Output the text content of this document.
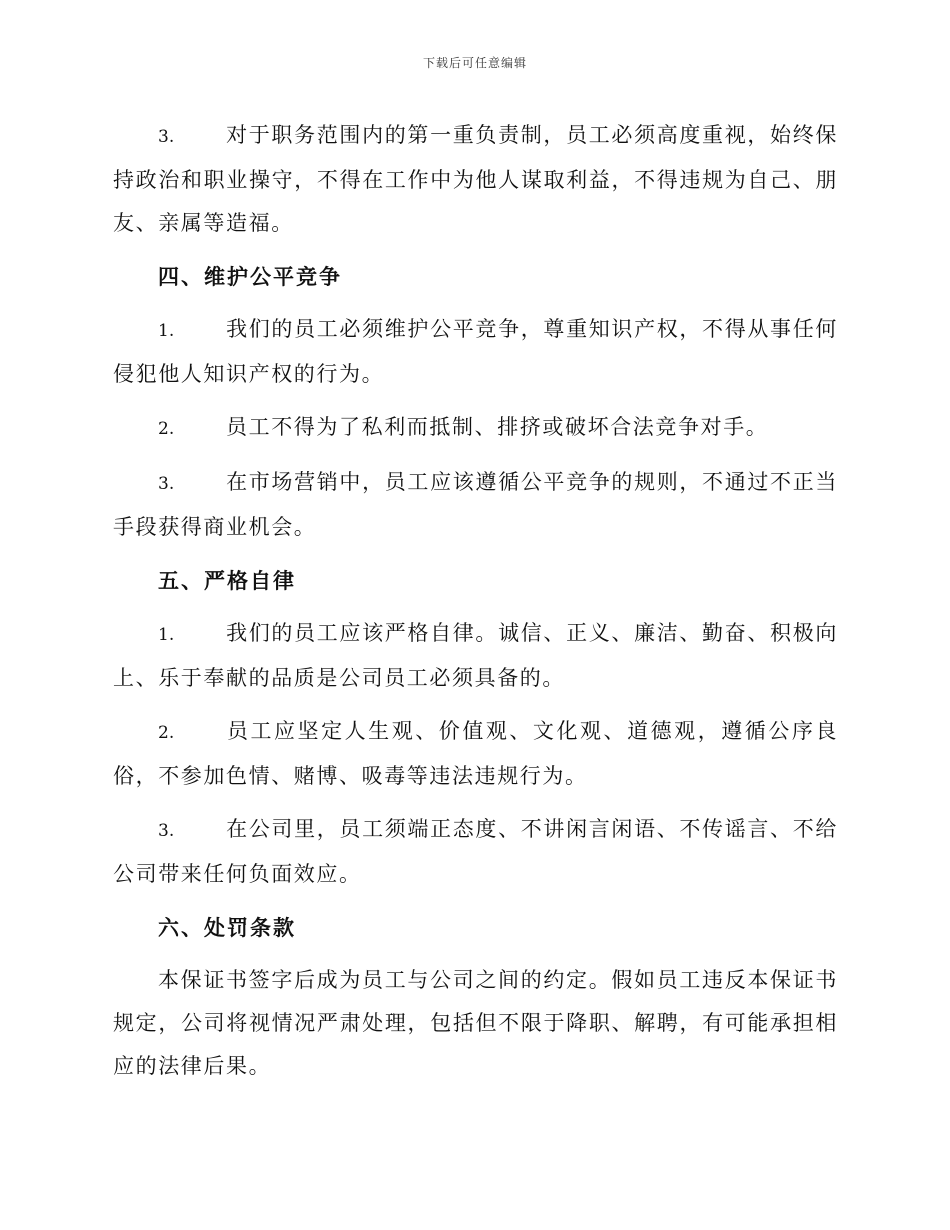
下载后可任意编辑

3. 对于职务范围内的第一重负责制，员工必须高度重视，始终保持政治和职业操守，不得在工作中为他人谋取利益，不得违规为自己、朋友、亲属等造福。

四、维护公平竞争

1. 我们的员工必须维护公平竞争，尊重知识产权，不得从事任何侵犯他人知识产权的行为。

2. 员工不得为了私利而抵制、排挤或破坏合法竞争对手。

3. 在市场营销中，员工应该遵循公平竞争的规则，不通过不正当手段获得商业机会。

五、严格自律

1. 我们的员工应该严格自律。诚信、正义、廉洁、勤奋、积极向上、乐于奉献的品质是公司员工必须具备的。

2. 员工应坚定人生观、价值观、文化观、道德观，遵循公序良俗，不参加色情、赌博、吸毒等违法违规行为。

3. 在公司里，员工须端正态度、不讲闲言闲语、不传谣言、不给公司带来任何负面效应。

六、处罚条款

本保证书签字后成为员工与公司之间的约定。假如员工违反本保证书规定，公司将视情况严肃处理，包括但不限于降职、解聘，有可能承担相应的法律后果。
